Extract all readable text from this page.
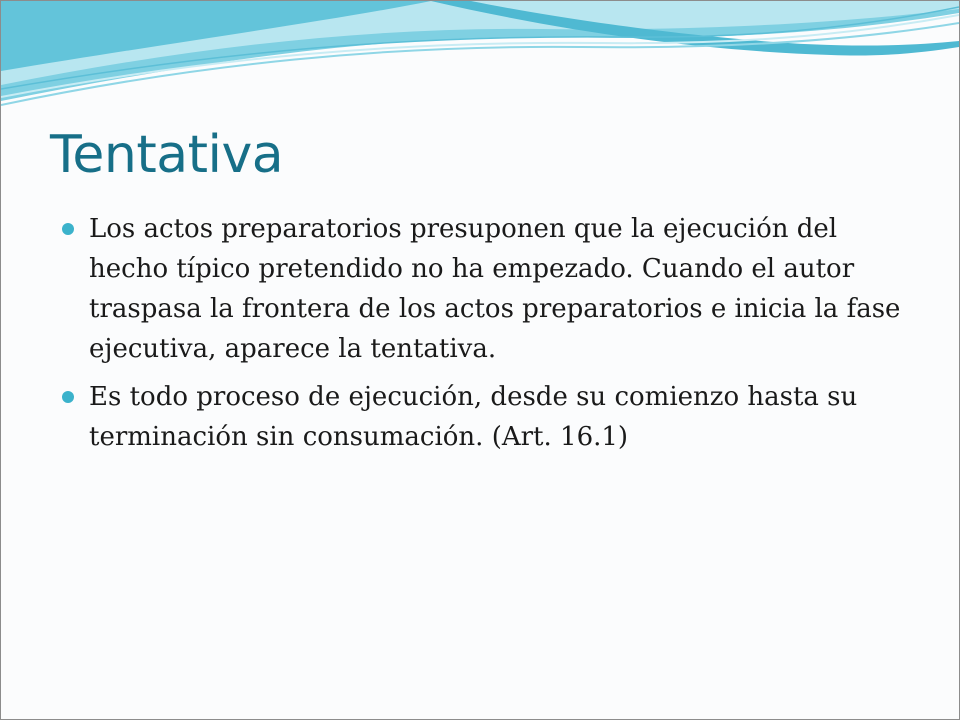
Tentativa
Los actos preparatorios presuponen que la ejecución del hecho típico pretendido no ha empezado. Cuando el autor traspasa la frontera de los actos preparatorios e inicia la fase ejecutiva, aparece la tentativa.
Es todo proceso de ejecución, desde su comienzo hasta su terminación sin consumación. (Art. 16.1)
